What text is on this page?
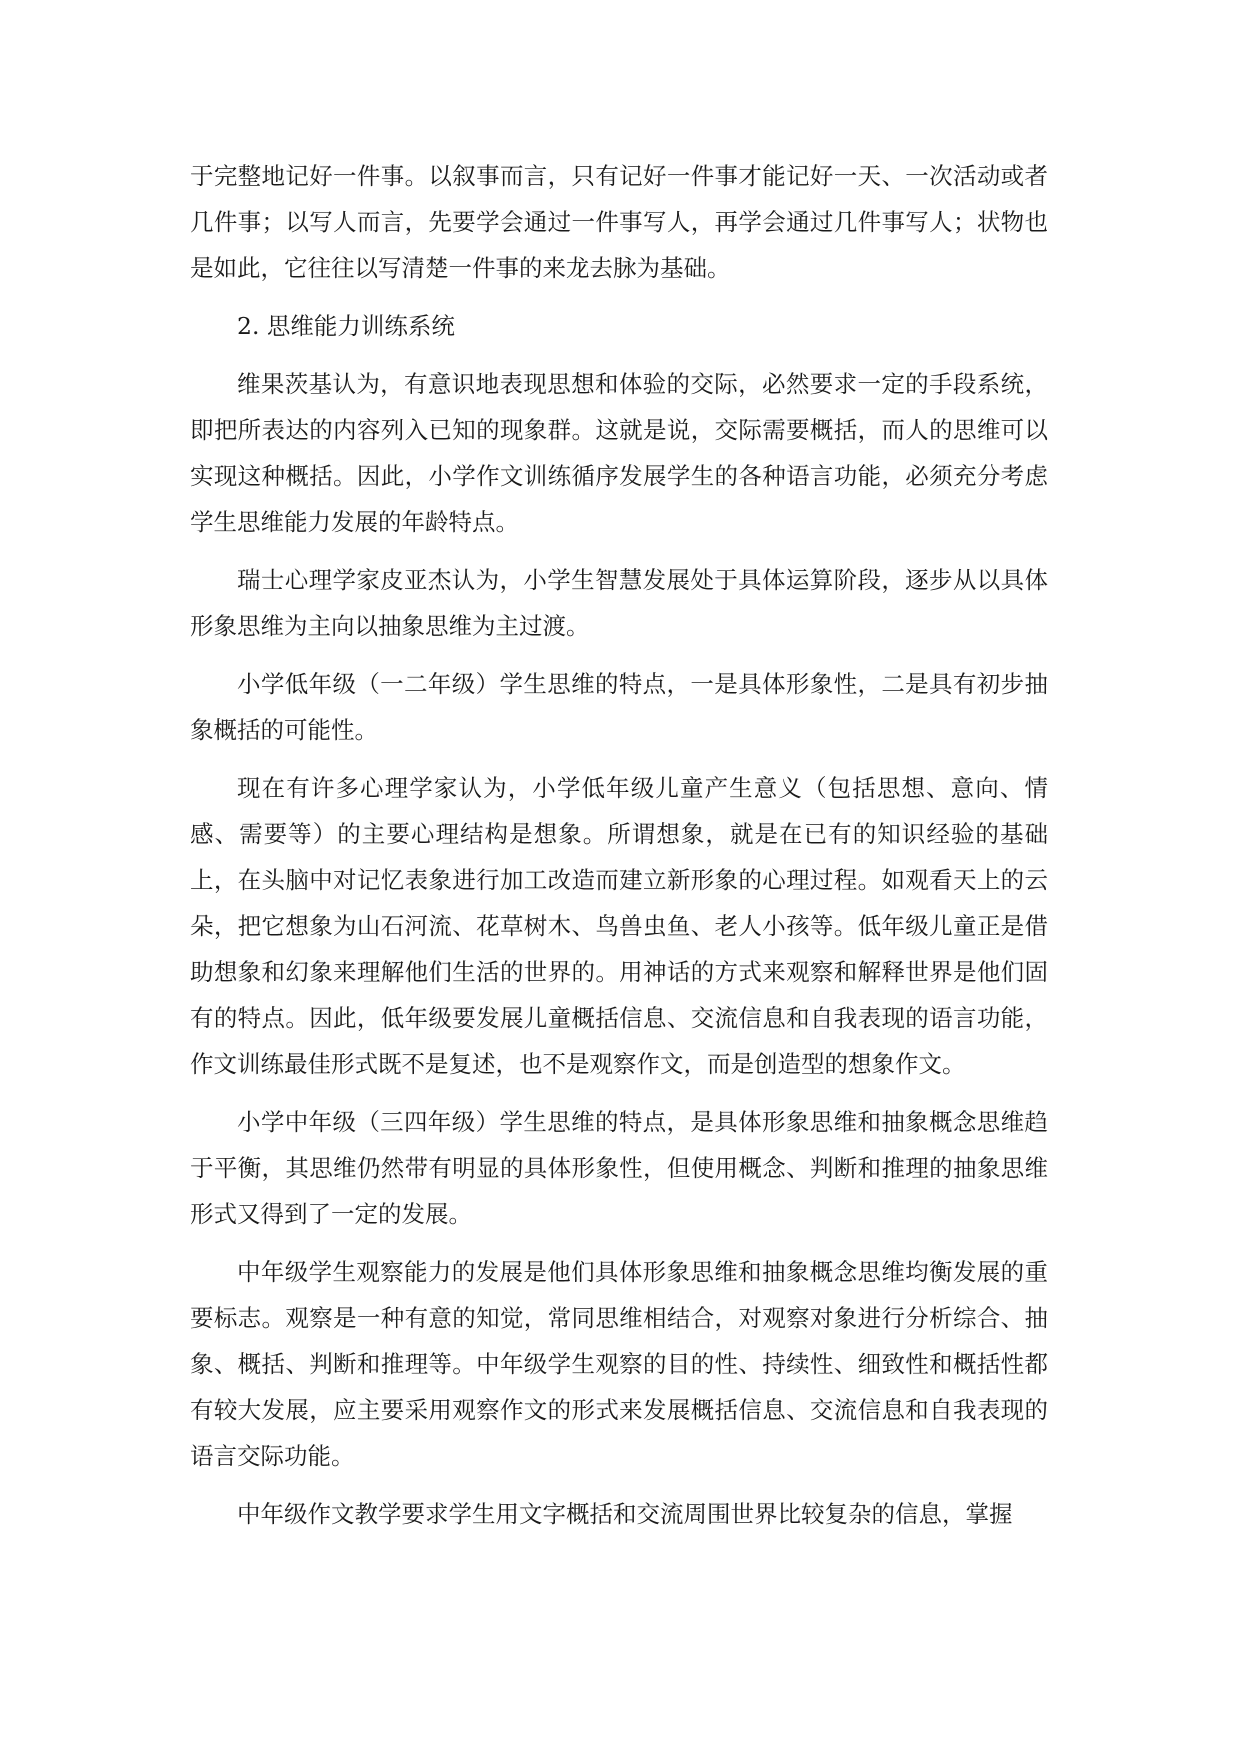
于完整地记好一件事。以叙事而言，只有记好一件事才能记好一天、一次活动或者几件事；以写人而言，先要学会通过一件事写人，再学会通过几件事写人；状物也是如此，它往往以写清楚一件事的来龙去脉为基础。

2. 思维能力训练系统

维果茨基认为，有意识地表现思想和体验的交际，必然要求一定的手段系统，即把所表达的内容列入已知的现象群。这就是说，交际需要概括，而人的思维可以实现这种概括。因此，小学作文训练循序发展学生的各种语言功能，必须充分考虑学生思维能力发展的年龄特点。

瑞士心理学家皮亚杰认为，小学生智慧发展处于具体运算阶段，逐步从以具体形象思维为主向以抽象思维为主过渡。

小学低年级（一二年级）学生思维的特点，一是具体形象性，二是具有初步抽象概括的可能性。

现在有许多心理学家认为，小学低年级儿童产生意义（包括思想、意向、情感、需要等）的主要心理结构是想象。所谓想象，就是在已有的知识经验的基础上，在头脑中对记忆表象进行加工改造而建立新形象的心理过程。如观看天上的云朵，把它想象为山石河流、花草树木、鸟兽虫鱼、老人小孩等。低年级儿童正是借助想象和幻象来理解他们生活的世界的。用神话的方式来观察和解释世界是他们固有的特点。因此，低年级要发展儿童概括信息、交流信息和自我表现的语言功能，作文训练最佳形式既不是复述，也不是观察作文，而是创造型的想象作文。

小学中年级（三四年级）学生思维的特点，是具体形象思维和抽象概念思维趋于平衡，其思维仍然带有明显的具体形象性，但使用概念、判断和推理的抽象思维形式又得到了一定的发展。

中年级学生观察能力的发展是他们具体形象思维和抽象概念思维均衡发展的重要标志。观察是一种有意的知觉，常同思维相结合，对观察对象进行分析综合、抽象、概括、判断和推理等。中年级学生观察的目的性、持续性、细致性和概括性都有较大发展，应主要采用观察作文的形式来发展概括信息、交流信息和自我表现的语言交际功能。

中年级作文教学要求学生用文字概括和交流周围世界比较复杂的信息，掌握
